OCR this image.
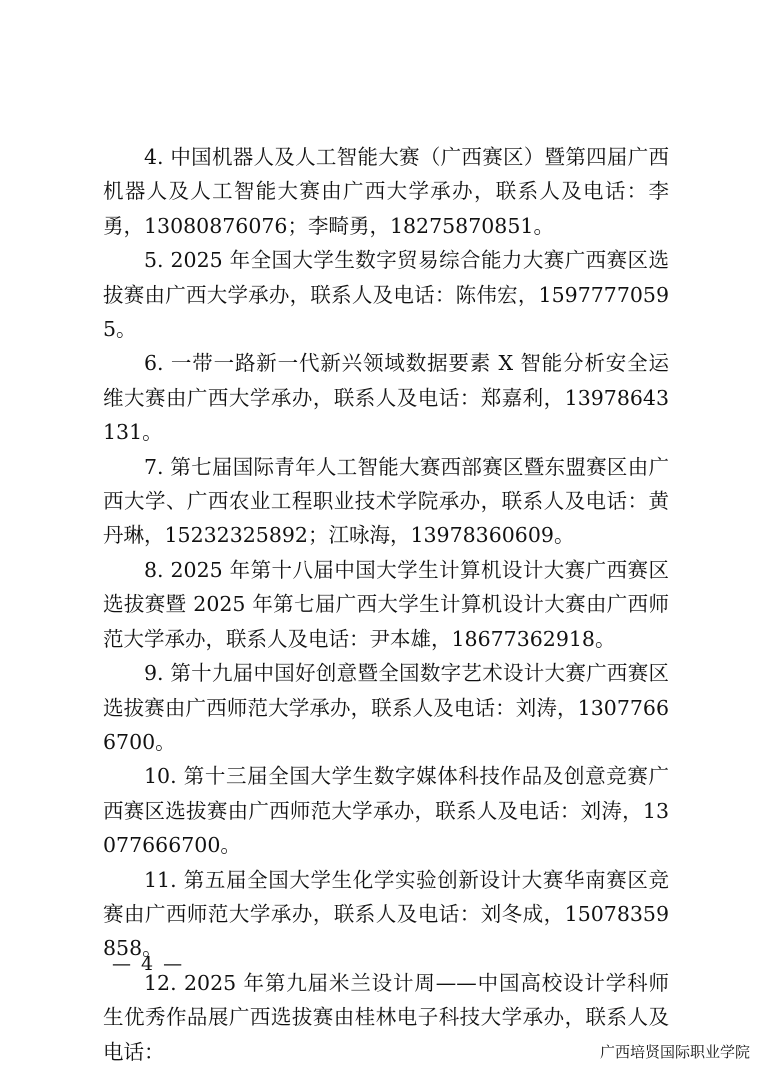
4. 中国机器人及人工智能大赛（广西赛区）暨第四届广西机器人及人工智能大赛由广西大学承办，联系人及电话：李勇，13080876076；李畸勇，18275870851。

5. 2025 年全国大学生数字贸易综合能力大赛广西赛区选拔赛由广西大学承办，联系人及电话：陈伟宏，15977770595。

6. 一带一路新一代新兴领域数据要素 X 智能分析安全运维大赛由广西大学承办，联系人及电话：郑嘉利，13978643131。

7. 第七届国际青年人工智能大赛西部赛区暨东盟赛区由广西大学、广西农业工程职业技术学院承办，联系人及电话：黄丹琳，15232325892；江咏海，13978360609。

8. 2025 年第十八届中国大学生计算机设计大赛广西赛区选拔赛暨 2025 年第七届广西大学生计算机设计大赛由广西师范大学承办，联系人及电话：尹本雄，18677362918。

9. 第十九届中国好创意暨全国数字艺术设计大赛广西赛区选拔赛由广西师范大学承办，联系人及电话：刘涛，13077666700。

10. 第十三届全国大学生数字媒体科技作品及创意竞赛广西赛区选拔赛由广西师范大学承办，联系人及电话：刘涛，13077666700。

11. 第五届全国大学生化学实验创新设计大赛华南赛区竞赛由广西师范大学承办，联系人及电话：刘冬成，15078359858。

12. 2025 年第九届米兰设计周——中国高校设计学科师生优秀作品展广西选拔赛由桂林电子科技大学承办，联系人及电话：

— 4 —
广西培贤国际职业学院
